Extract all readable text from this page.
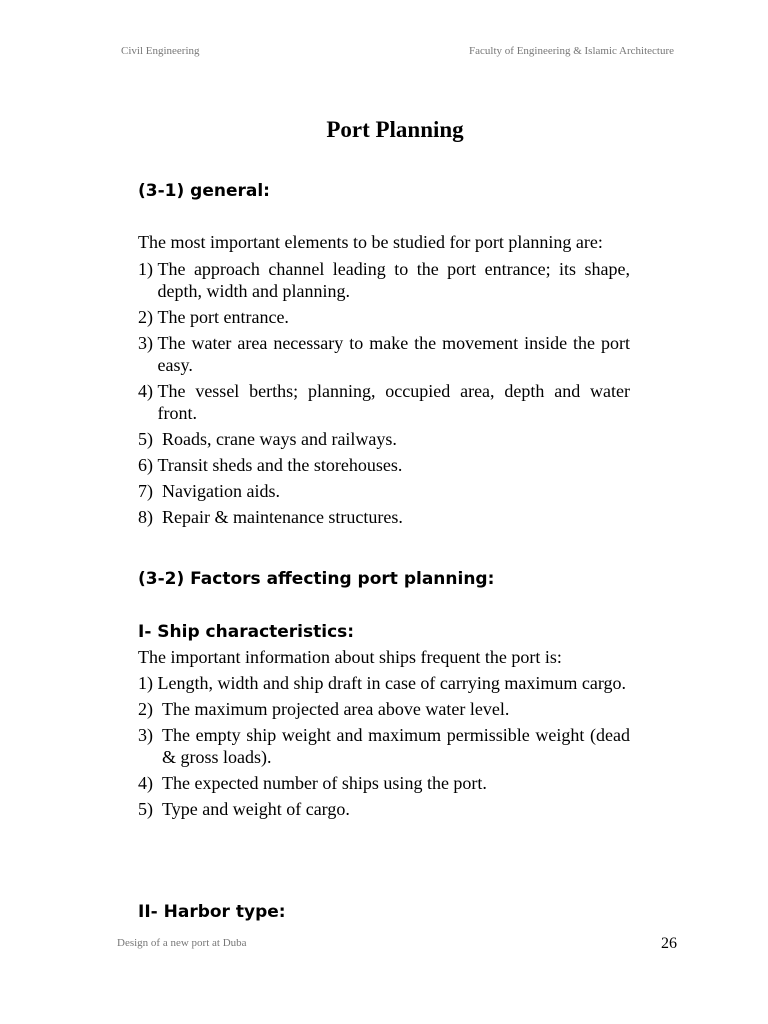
Civil Engineering	Faculty of Engineering & Islamic Architecture
Port Planning
(3-1) general:

The most important elements to be studied for port planning are:

1) The approach channel leading to the port entrance; its shape, depth, width and planning.
2) The port entrance.
3) The water area necessary to make the movement inside the port easy.
4) The vessel berths; planning, occupied area, depth and water front.
5) Roads, crane ways and railways.
6) Transit sheds and the storehouses.
7) Navigation aids.
8) Repair & maintenance structures.
(3-2) Factors affecting port planning:
I- Ship characteristics:

The important information about ships frequent the port is:

1) Length, width and ship draft in case of carrying maximum cargo.
2) The maximum projected area above water level.
3) The empty ship weight and maximum permissible weight (dead & gross loads).
4) The expected number of ships using the port.
5) Type and weight of cargo.
II- Harbor type:
Design of a new port at Duba	26
